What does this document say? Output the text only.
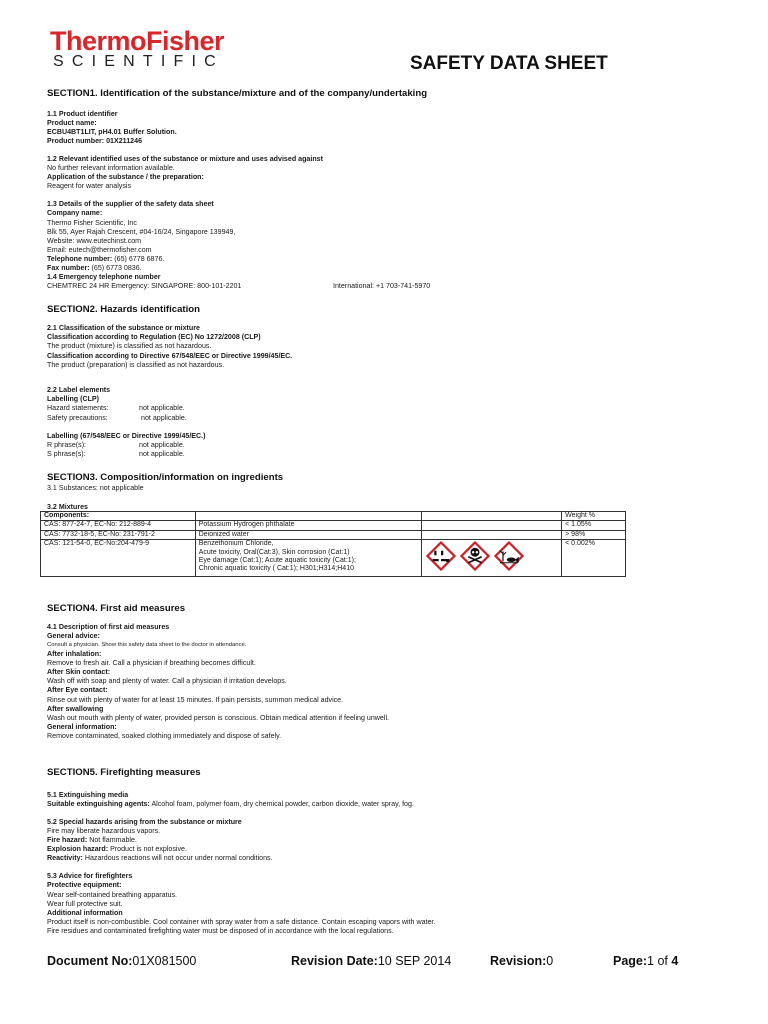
ThermoFisher
SCIENTIFIC	SAFETY DATA SHEET
SECTION1. Identification of the substance/mixture and of the company/undertaking
1.1 Product identifier
Product name:
ECBU4BT1LIT, pH4.01 Buffer Solution.
Product number: 01X211246
1.2 Relevant identified uses of the substance or mixture and uses advised against
No further relevant information available.
Application of the substance / the preparation:
Reagent for water analysis
1.3 Details of the supplier of the safety data sheet
Company name:
Thermo Fisher Scientific, Inc
Blk 55, Ayer Rajah Crescent, #04-16/24, Singapore 139949,
Website: www.eutechinst.com
Email: eutech@thermofisher.com
Telephone number: (65) 6778 6876.
Fax number: (65) 6773 0836.
1.4 Emergency telephone number
CHEMTREC 24 HR Emergency: SINGAPORE: 800-101-2201	International: +1 703-741-5970
SECTION2. Hazards identification
2.1 Classification of the substance or mixture
Classification according to Regulation (EC) No 1272/2008 (CLP)
The product (mixture) is classified as not hazardous.
Classification according to Directive 67/548/EEC or Directive 1999/45/EC.
The product (preparation) is classified as not hazardous.
2.2 Label elements
Labelling (CLP)
Hazard statements:	not applicable.
Safety precautions:	not applicable.
Labelling (67/548/EEC or Directive 1999/45/EC.)
R phrase(s):	not applicable.
S phrase(s):	not applicable.
SECTION3. Composition/information on ingredients
3.1 Substances: not applicable
3.2 Mixtures
Components:			Weight %
CAS: 877-24-7, EC-No: 212-889-4	Potassium Hydrogen phthalate		< 1.05%
CAS: 7732-18-5, EC-No: 231-791-2	Deionized water		> 98%
CAS: 121-54-0, EC-No:204-479-9	Benzethonium Chloride,
Acute toxicity, Oral(Cat:3), Skin corrosion (Cat:1)
Eye damage (Cat:1); Acute aquatic toxicity (Cat:1);
Chronic aquatic toxicity ( Cat:1); H301;H314;H410		< 0.002%
SECTION4. First aid measures
4.1 Description of first aid measures
General advice:
Consult a physician. Show this safety data sheet to the doctor in attendance.
After inhalation:
Remove to fresh air. Call a physician if breathing becomes difficult.
After Skin contact:
Wash off with soap and plenty of water. Call a physician if irritation develops.
After Eye contact:
Rinse out with plenty of water for at least 15 minutes. If pain persists, summon medical advice.
After swallowing
Wash out mouth with plenty of water, provided person is conscious. Obtain medical attention if feeling unwell.
General information:
Remove contaminated, soaked clothing immediately and dispose of safely.
SECTION5. Firefighting measures
5.1 Extinguishing media
Suitable extinguishing agents: Alcohol foam, polymer foam, dry chemical powder, carbon dioxide, water spray, fog.
5.2 Special hazards arising from the substance or mixture
Fire may liberate hazardous vapors.
Fire hazard: Not flammable.
Explosion hazard: Product is not explosive.
Reactivity: Hazardous reactions will not occur under normal conditions.
5.3 Advice for firefighters
Protective equipment:
Wear self-contained breathing apparatus.
Wear full protective suit.
Additional information
Product itself is non-combustible. Cool container with spray water from a safe distance. Contain escaping vapors with water.
Fire residues and contaminated firefighting water must be disposed of in accordance with the local regulations.
Document No:01X081500	Revision Date:10 SEP 2014	Revision:0	Page:1 of 4
